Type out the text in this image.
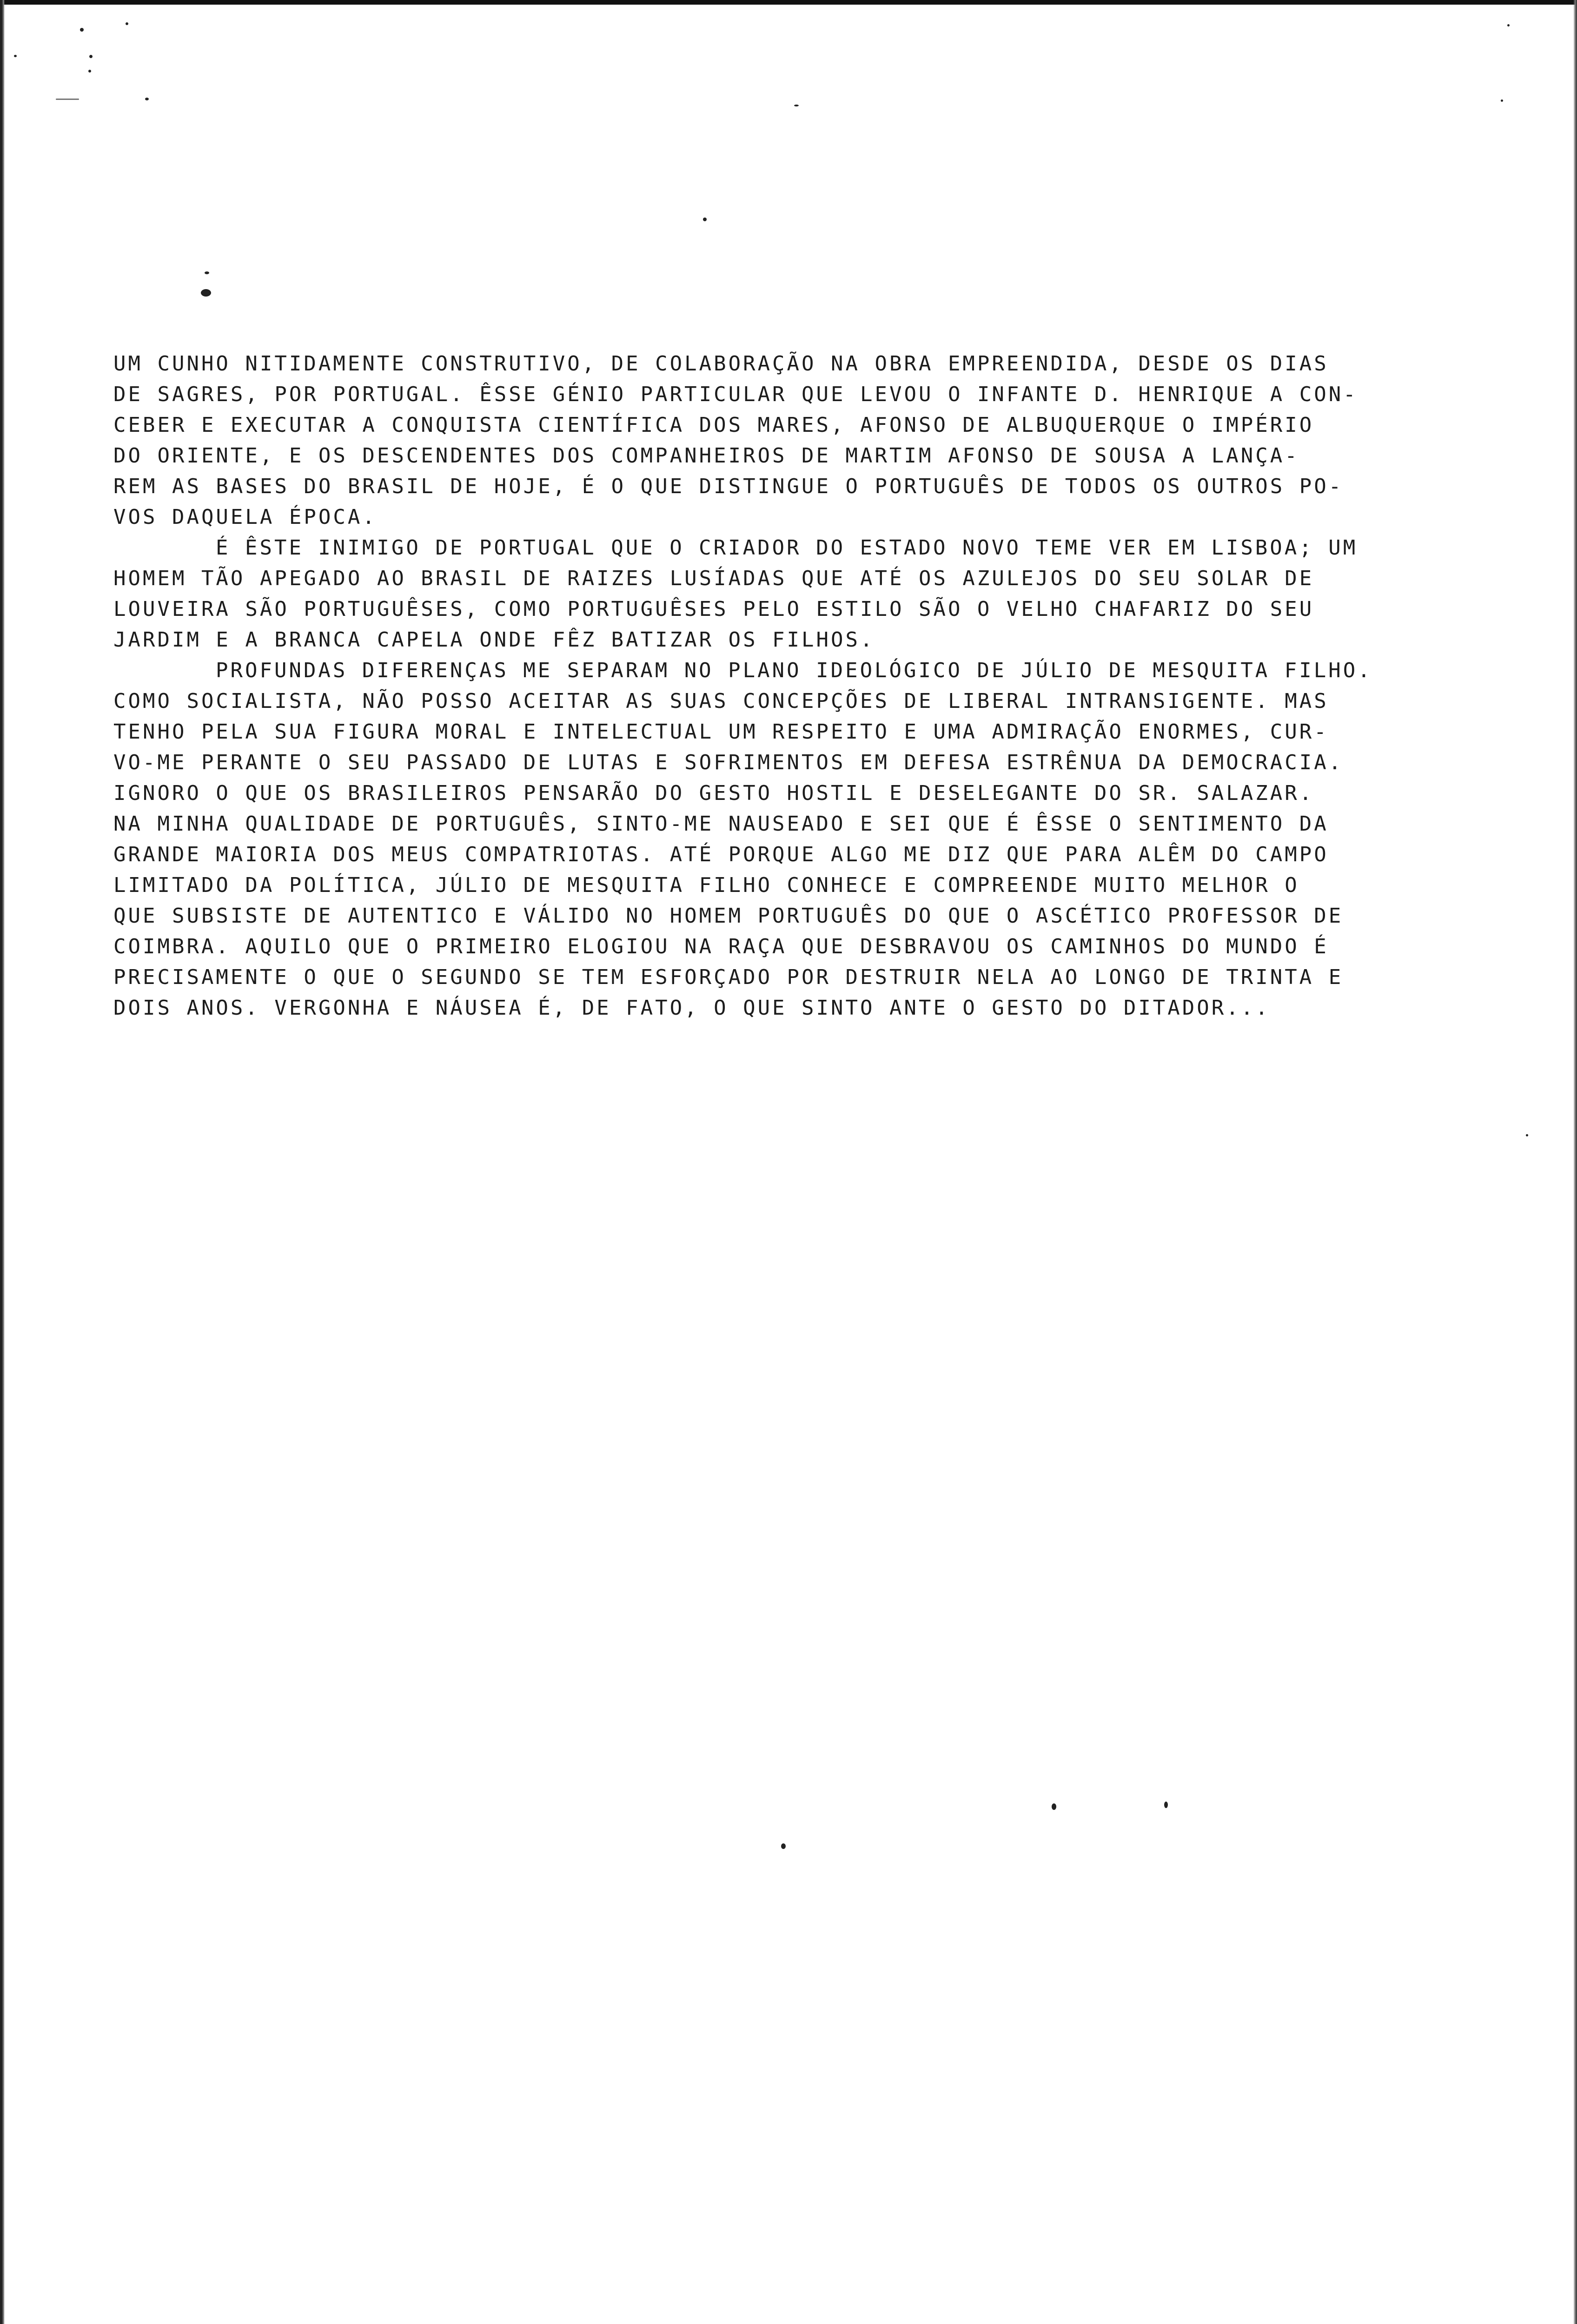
UM CUNHO NITIDAMENTE CONSTRUTIVO, DE COLABORAÇÃO NA OBRA EMPREENDIDA, DESDE OS DIAS
DE SAGRES, POR PORTUGAL. ÊSSE GÉNIO PARTICULAR QUE LEVOU O INFANTE D. HENRIQUE A CON-
CEBER E EXECUTAR A CONQUISTA CIENTÍFICA DOS MARES, AFONSO DE ALBUQUERQUE O IMPÉRIO
DO ORIENTE, E OS DESCENDENTES DOS COMPANHEIROS DE MARTIM AFONSO DE SOUSA A LANÇA-
REM AS BASES DO BRASIL DE HOJE, É O QUE DISTINGUE O PORTUGUÊS DE TODOS OS OUTROS PO-
VOS DAQUELA ÉPOCA.
É ÊSTE INIMIGO DE PORTUGAL QUE O CRIADOR DO ESTADO NOVO TEME VER EM LISBOA; UM
HOMEM TÃO APEGADO AO BRASIL DE RAIZES LUSÍADAS QUE ATÉ OS AZULEJOS DO SEU SOLAR DE
LOUVEIRA SÃO PORTUGUÊSES, COMO PORTUGUÊSES PELO ESTILO SÃO O VELHO CHAFARIZ DO SEU
JARDIM E A BRANCA CAPELA ONDE FÊZ BATIZAR OS FILHOS.
PROFUNDAS DIFERENÇAS ME SEPARAM NO PLANO IDEOLÓGICO DE JÚLIO DE MESQUITA FILHO.
COMO SOCIALISTA, NÃO POSSO ACEITAR AS SUAS CONCEPÇÕES DE LIBERAL INTRANSIGENTE. MAS
TENHO PELA SUA FIGURA MORAL E INTELECTUAL UM RESPEITO E UMA ADMIRAÇÃO ENORMES, CUR-
VO-ME PERANTE O SEU PASSADO DE LUTAS E SOFRIMENTOS EM DEFESA ESTRÊNUA DA DEMOCRACIA.
IGNORO O QUE OS BRASILEIROS PENSARÃO DO GESTO HOSTIL E DESELEGANTE DO SR. SALAZAR.
NA MINHA QUALIDADE DE PORTUGUÊS, SINTO-ME NAUSEADO E SEI QUE É ÊSSE O SENTIMENTO DA
GRANDE MAIORIA DOS MEUS COMPATRIOTAS. ATÉ PORQUE ALGO ME DIZ QUE PARA ALÊM DO CAMPO
LIMITADO DA POLÍTICA, JÚLIO DE MESQUITA FILHO CONHECE E COMPREENDE MUITO MELHOR O
QUE SUBSISTE DE AUTENTICO E VÁLIDO NO HOMEM PORTUGUÊS DO QUE O ASCÉTICO PROFESSOR DE
COIMBRA. AQUILO QUE O PRIMEIRO ELOGIOU NA RAÇA QUE DESBRAVOU OS CAMINHOS DO MUNDO É
PRECISAMENTE O QUE O SEGUNDO SE TEM ESFORÇADO POR DESTRUIR NELA AO LONGO DE TRINTA E
DOIS ANOS. VERGONHA E NÁUSEA É, DE FATO, O QUE SINTO ANTE O GESTO DO DITADOR...
